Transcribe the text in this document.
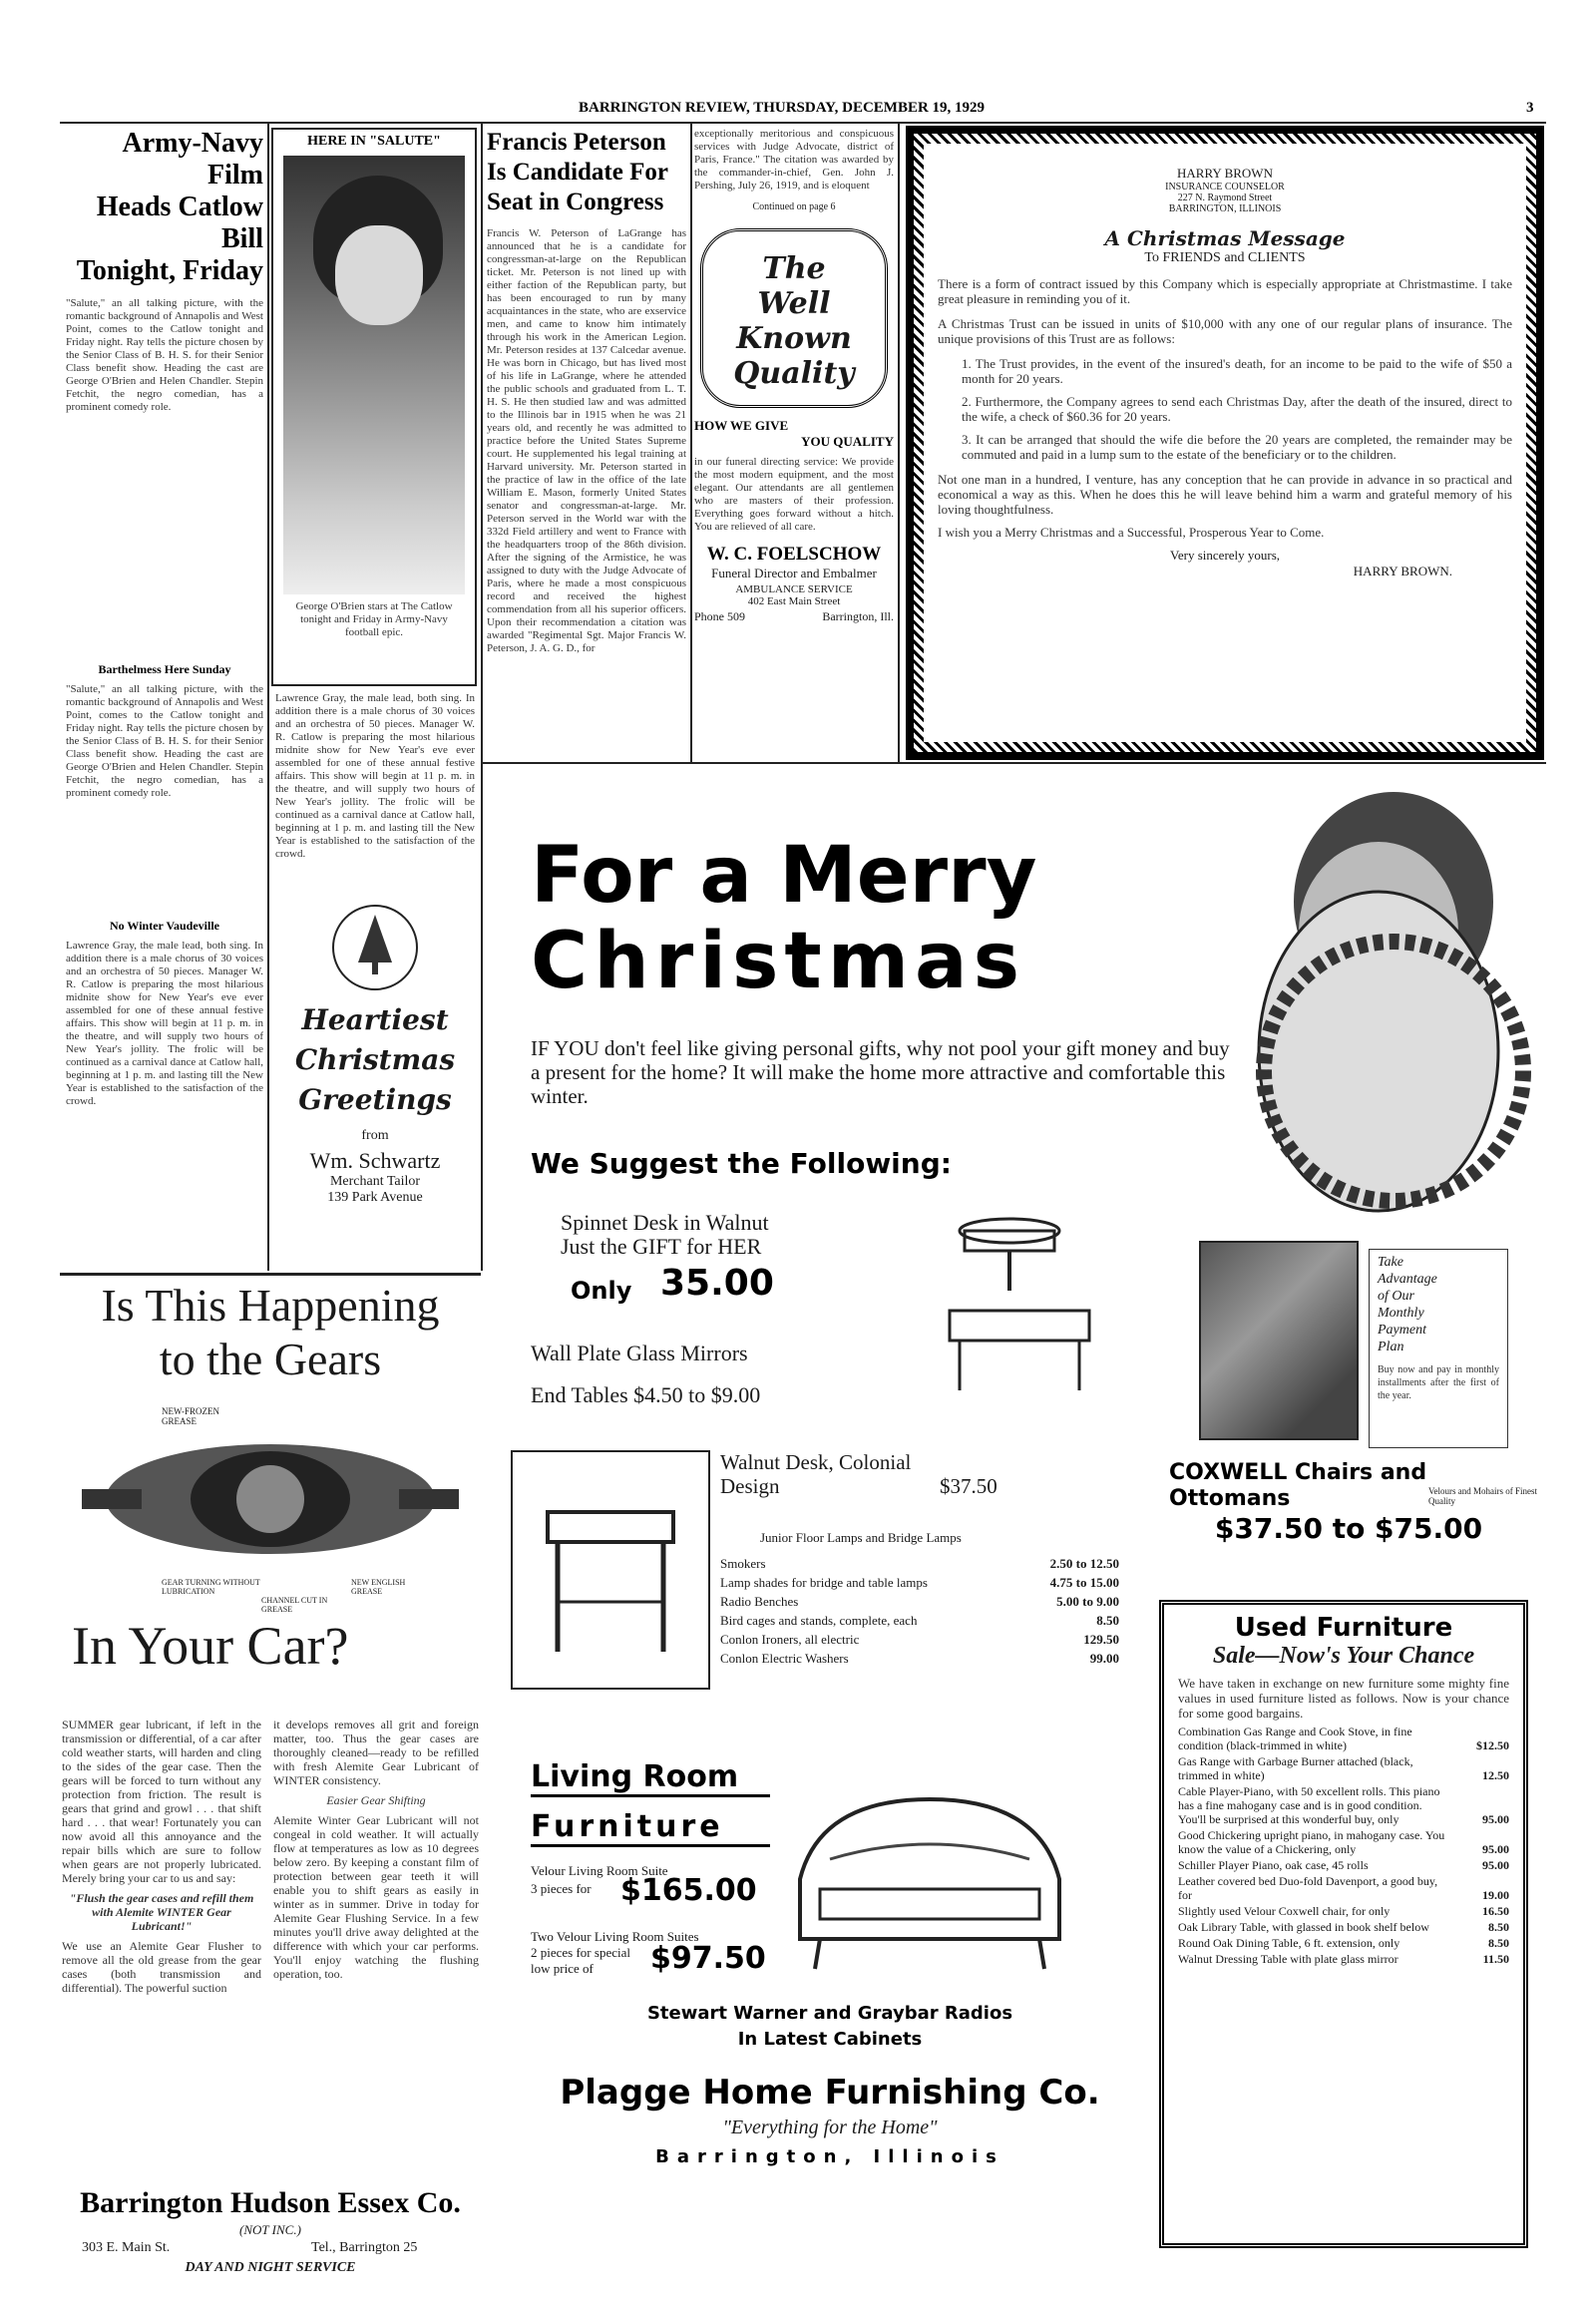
BARRINGTON REVIEW, THURSDAY, DECEMBER 19, 1929	3
Army-Navy Film
Heads Catlow Bill
Tonight, Friday
"Salute," an all talking picture, with the romantic background of Annapolis and West Point, comes to the Catlow tonight and Friday night. Ray tells the picture chosen by the Senior Class of B. H. S. for their Senior Class benefit show. Heading the cast are George O'Brien and Helen Chandler. Stepin Fetchit, the negro comedian, has a prominent comedy role.
Barthelmess Here Sunday
"Salute," an all talking picture, with the romantic background of Annapolis and West Point, comes to the Catlow tonight and Friday night. Ray tells the picture chosen by the Senior Class of B. H. S. for their Senior Class benefit show. Heading the cast are George O'Brien and Helen Chandler. Stepin Fetchit, the negro comedian, has a prominent comedy role.
No Winter Vaudeville
Lawrence Gray, the male lead, both sing. In addition there is a male chorus of 30 voices and an orchestra of 50 pieces. Manager W. R. Catlow is preparing the most hilarious midnite show for New Year's eve ever assembled for one of these annual festive affairs. This show will begin at 11 p. m. in the theatre, and will supply two hours of New Year's jollity. The frolic will be continued as a carnival dance at Catlow hall, beginning at 1 p. m. and lasting till the New Year is established to the satisfaction of the crowd.
HERE IN "SALUTE"
George O'Brien stars at The Catlow tonight and Friday in Army-Navy football epic.
Lawrence Gray, the male lead, both sing. In addition there is a male chorus of 30 voices and an orchestra of 50 pieces. Manager W. R. Catlow is preparing the most hilarious midnite show for New Year's eve ever assembled for one of these annual festive affairs. This show will begin at 11 p. m. in the theatre, and will supply two hours of New Year's jollity. The frolic will be continued as a carnival dance at Catlow hall, beginning at 1 p. m. and lasting till the New Year is established to the satisfaction of the crowd.
Heartiest
Christmas
Greetings
from
Wm. Schwartz
Merchant Tailor
139 Park Avenue
Francis Peterson
Is Candidate For
Seat in Congress
Francis W. Peterson of LaGrange has announced that he is a candidate for congressman-at-large on the Republican ticket. Mr. Peterson is not lined up with either faction of the Republican party, but has been encouraged to run by many acquaintances in the state, who are exservice men, and came to know him intimately through his work in the American Legion. Mr. Peterson resides at 137 Calcedar avenue. He was born in Chicago, but has lived most of his life in LaGrange, where he attended the public schools and graduated from L. T. H. S. He then studied law and was admitted to the Illinois bar in 1915 when he was 21 years old, and recently he was admitted to practice before the United States Supreme court. He supplemented his legal training at Harvard university. Mr. Peterson started in the practice of law in the office of the late William E. Mason, formerly United States senator and congressman-at-large. Mr. Peterson served in the World war with the 332d Field artillery and went to France with the headquarters troop of the 86th division. After the signing of the Armistice, he was assigned to duty with the Judge Advocate of Paris, where he made a most conspicuous record and received the highest commendation from all his superior officers. Upon their recommendation a citation was awarded "Regimental Sgt. Major Francis W. Peterson, J. A. G. D., for
exceptionally meritorious and conspicuous services with Judge Advocate, district of Paris, France." The citation was awarded by the commander-in-chief, Gen. John J. Pershing, July 26, 1919, and is eloquent
Continued on page 6
The
Well Known
Quality
HOW WE GIVE
YOU QUALITY
in our funeral directing service: We provide the most modern equipment, and the most elegant. Our attendants are all gentlemen who are masters of their profession. Everything goes forward without a hitch. You are relieved of all care.
W. C. FOELSCHOW
Funeral Director and Embalmer
AMBULANCE SERVICE
402 East Main Street
Phone 509	Barrington, Ill.
HARRY BROWN
INSURANCE COUNSELOR
227 N. Raymond Street
BARRINGTON, ILLINOIS
A Christmas Message
To FRIENDS and CLIENTS
There is a form of contract issued by this Company which is especially appropriate at Christmastime. I take great pleasure in reminding you of it.
A Christmas Trust can be issued in units of $10,000 with any one of our regular plans of insurance. The unique provisions of this Trust are as follows:
1. The Trust provides, in the event of the insured's death, for an income to be paid to the wife of $50 a month for 20 years.
2. Furthermore, the Company agrees to send each Christmas Day, after the death of the insured, direct to the wife, a check of $60.36 for 20 years.
3. It can be arranged that should the wife die before the 20 years are completed, the remainder may be commuted and paid in a lump sum to the estate of the beneficiary or to the children.
Not one man in a hundred, I venture, has any conception that he can provide in advance in so practical and economical a way as this. When he does this he will leave behind him a warm and grateful memory of his loving thoughtfulness.
I wish you a Merry Christmas and a Successful, Prosperous Year to Come.
Very sincerely yours,
HARRY BROWN.
Is This Happening
to the Gears
NEW-FROZEN GREASE
GEAR TURNING WITHOUT LUBRICATION
NEW ENGLISH GREASE
CHANNEL CUT IN GREASE
In Your Car?
SUMMER gear lubricant, if left in the transmission or differential, of a car after cold weather starts, will harden and cling to the sides of the gear case. Then the gears will be forced to turn without any protection from friction. The result is gears that grind and growl . . . that shift hard . . . that wear! Fortunately you can now avoid all this annoyance and the repair bills which are sure to follow when gears are not properly lubricated. Merely bring your car to us and say:
"Flush the gear cases and refill them with Alemite WINTER Gear Lubricant!"
We use an Alemite Gear Flusher to remove all the old grease from the gear cases (both transmission and differential). The powerful suction
it develops removes all grit and foreign matter, too. Thus the gear cases are thoroughly cleaned—ready to be refilled with fresh Alemite Gear Lubricant of WINTER consistency.
Easier Gear Shifting
Alemite Winter Gear Lubricant will not congeal in cold weather. It will actually flow at temperatures as low as 10 degrees below zero. By keeping a constant film of protection between gear teeth it will enable you to shift gears as easily in winter as in summer. Drive in today for Alemite Gear Flushing Service. In a few minutes you'll drive away delighted at the difference with which your car performs. You'll enjoy watching the flushing operation, too.
Barrington Hudson Essex Co.
(NOT INC.)
303 E. Main St.	Tel., Barrington 25
DAY AND NIGHT SERVICE
For a Merry
Christmas
IF YOU don't feel like giving personal gifts, why not pool your gift money and buy a present for the home? It will make the home more attractive and comfortable this winter.
We Suggest the Following:
Spinnet Desk in Walnut
Just the GIFT for HER
Only 35.00
Wall Plate Glass Mirrors
End Tables $4.50 to $9.00
Take
Advantage
of Our
Monthly
Payment
Plan
Buy now and pay in monthly installments after the first of the year.
COXWELL Chairs and Ottomans	Velours and Mohairs of Finest Quality
$37.50 to $75.00
Walnut Desk, Colonial Design	$37.50
Junior Floor Lamps and Bridge Lamps
Smokers	2.50 to 12.50
Lamp shades for bridge and table lamps	4.75 to 15.00
Radio Benches	5.00 to 9.00
Bird cages and stands, complete, each	8.50
Conlon Ironers, all electric	129.50
Conlon Electric Washers	99.00
Living Room
Furniture
Velour Living Room Suite
3 pieces for $165.00
Two Velour Living Room Suites
2 pieces for special low price of	$97.50
Stewart Warner and Graybar Radios
In Latest Cabinets
Plagge Home Furnishing Co.
"Everything for the Home"
Barrington, Illinois
Used Furniture
Sale—Now's Your Chance
We have taken in exchange on new furniture some mighty fine values in used furniture listed as follows. Now is your chance for some good bargains.
Combination Gas Range and Cook Stove, in fine condition (black-trimmed in white)	$12.50
Gas Range with Garbage Burner attached (black, trimmed in white)	12.50
Cable Player-Piano, with 50 excellent rolls. This piano has a fine mahogany case and is in good condition. You'll be surprised at this wonderful buy, only	95.00
Good Chickering upright piano, in mahogany case. You know the value of a Chickering, only	95.00
Schiller Player Piano, oak case, 45 rolls	95.00
Leather covered bed Duo-fold Davenport, a good buy, for	19.00
Slightly used Velour Coxwell chair, for only	16.50
Oak Library Table, with glassed in book shelf below	8.50
Round Oak Dining Table, 6 ft. extension, only	8.50
Walnut Dressing Table with plate glass mirror	11.50
